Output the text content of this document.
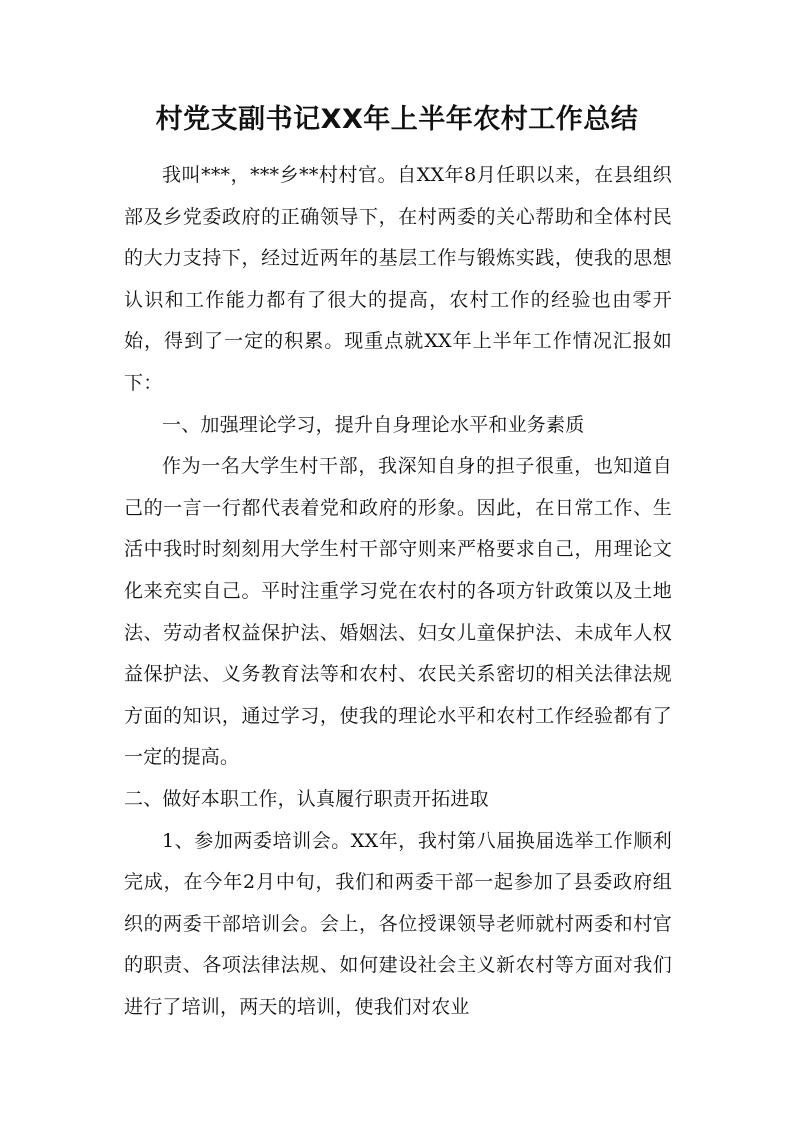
村党支副书记XX年上半年农村工作总结

我叫***，***乡**村村官。自XX年8月任职以来，在县组织部及乡党委政府的正确领导下，在村两委的关心帮助和全体村民的大力支持下，经过近两年的基层工作与锻炼实践，使我的思想认识和工作能力都有了很大的提高，农村工作的经验也由零开始，得到了一定的积累。现重点就XX年上半年工作情况汇报如下：

一、加强理论学习，提升自身理论水平和业务素质

作为一名大学生村干部，我深知自身的担子很重，也知道自己的一言一行都代表着党和政府的形象。因此，在日常工作、生活中我时时刻刻用大学生村干部守则来严格要求自己，用理论文化来充实自己。平时注重学习党在农村的各项方针政策以及土地法、劳动者权益保护法、婚姻法、妇女儿童保护法、未成年人权益保护法、义务教育法等和农村、农民关系密切的相关法律法规方面的知识，通过学习，使我的理论水平和农村工作经验都有了一定的提高。

二、做好本职工作，认真履行职责开拓进取

1、参加两委培训会。XX年，我村第八届换届选举工作顺利完成，在今年2月中旬，我们和两委干部一起参加了县委政府组织的两委干部培训会。会上，各位授课领导老师就村两委和村官的职责、各项法律法规、如何建设社会主义新农村等方面对我们进行了培训，两天的培训，使我们对农业
